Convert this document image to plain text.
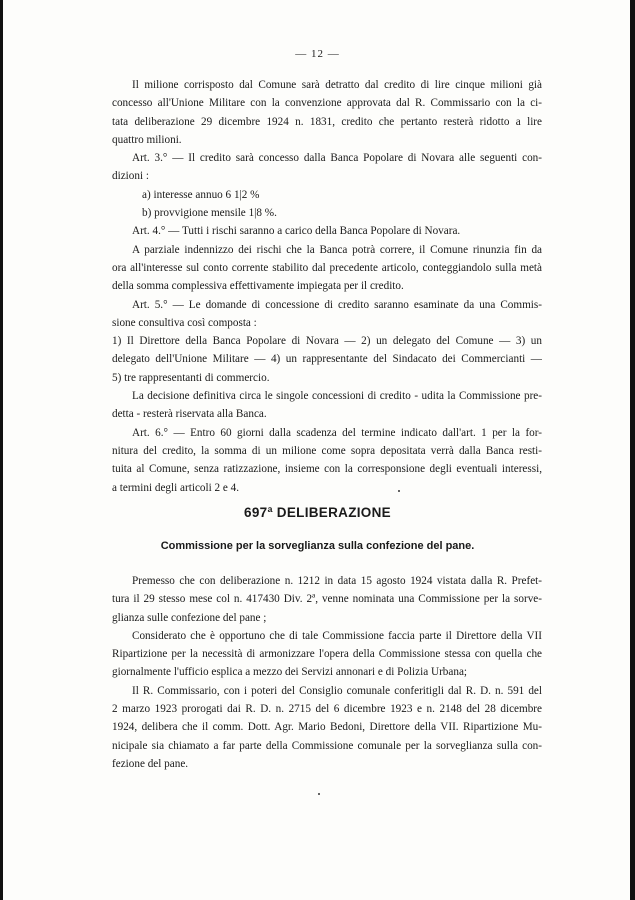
— 12 —
Il milione corrisposto dal Comune sarà detratto dal credito di lire cinque milioni già
concesso all'Unione Militare con la convenzione approvata dal R. Commissario con la ci-
tata deliberazione 29 dicembre 1924 n. 1831, credito che pertanto resterà ridotto a lire
quattro milioni.
Art. 3.° — Il credito sarà concesso dalla Banca Popolare di Novara alle seguenti con-
dizioni :
a) interesse annuo 6 1|2 %
b) provvigione mensile 1|8 %.
Art. 4.° — Tutti i rischi saranno a carico della Banca Popolare di Novara.
A parziale indennizzo dei rischi che la Banca potrà correre, il Comune rinunzia fin da
ora all'interesse sul conto corrente stabilito dal precedente articolo, conteggiandolo sulla metà
della somma complessiva effettivamente impiegata per il credito.
Art. 5.° — Le domande di concessione di credito saranno esaminate da una Commis-
sione consultiva così composta :
1) Il Direttore della Banca Popolare di Novara — 2) un delegato del Comune — 3) un
delegato dell'Unione Militare — 4) un rappresentante del Sindacato dei Commercianti —
5) tre rappresentanti di commercio.
La decisione definitiva circa le singole concessioni di credito - udita la Commissione pre-
detta - resterà riservata alla Banca.
Art. 6.° — Entro 60 giorni dalla scadenza del termine indicato dall'art. 1 per la for-
nitura del credito, la somma di un milione come sopra depositata verrà dalla Banca resti-
tuita al Comune, senza ratizzazione, insieme con la corresponsione degli eventuali interessi,
a termini degli articoli 2 e 4.
697ª DELIBERAZIONE
Commissione per la sorveglianza sulla confezione del pane.
Premesso che con deliberazione n. 1212 in data 15 agosto 1924 vistata dalla R. Prefet-
tura il 29 stesso mese col n. 417430 Div. 2ª, venne nominata una Commissione per la sorve-
glianza sulle confezione del pane ;
Considerato che è opportuno che di tale Commissione faccia parte il Direttore della VII
Ripartizione per la necessità di armonizzare l'opera della Commissione stessa con quella che
giornalmente l'ufficio esplica a mezzo dei Servizi annonari e di Polizia Urbana;
Il R. Commissario, con i poteri del Consiglio comunale conferitigli dal R. D. n. 591 del
2 marzo 1923 prorogati dai R. D. n. 2715 del 6 dicembre 1923 e n. 2148 del 28 dicembre
1924, delibera che il comm. Dott. Agr. Mario Bedoni, Direttore della VII. Ripartizione Mu-
nicipale sia chiamato a far parte della Commissione comunale per la sorveglianza sulla con-
fezione del pane.
